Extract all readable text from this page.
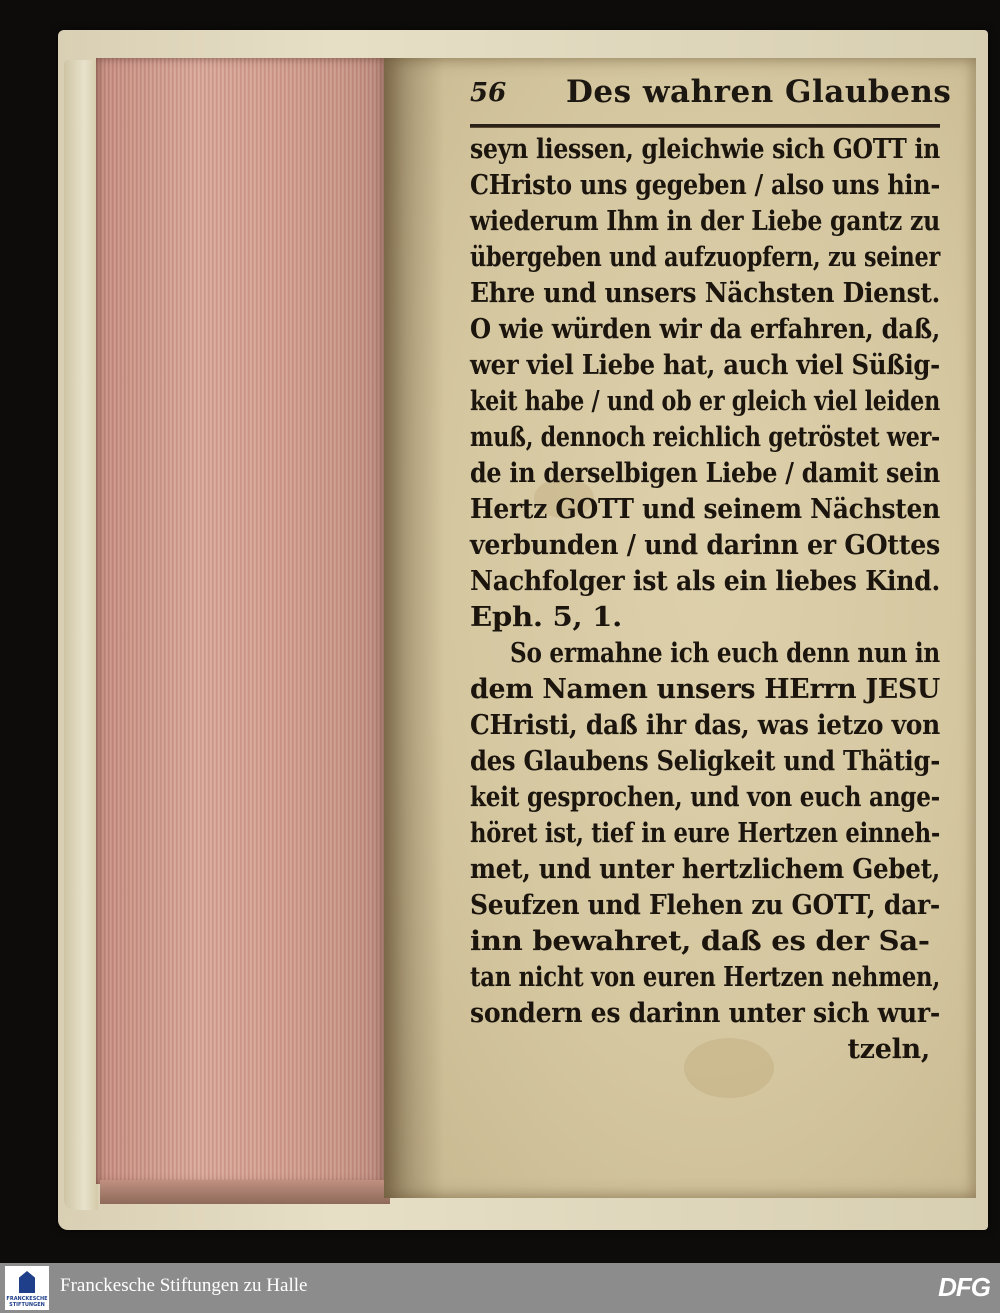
56 Des wahren Glaubens
seyn liessen, gleichwie sich GOTT in
CHristo uns gegeben / also uns hin-
wiederum Ihm in der Liebe gantz zu
übergeben und aufzuopfern, zu seiner
Ehre und unsers Nächsten Dienst.
O wie würden wir da erfahren, daß,
wer viel Liebe hat, auch viel Süßig-
keit habe / und ob er gleich viel leiden
muß, dennoch reichlich getröstet wer-
de in derselbigen Liebe / damit sein
Hertz GOTT und seinem Nächsten
verbunden / und darinn er GOttes
Nachfolger ist als ein liebes Kind.
Eph. 5, 1.
So ermahne ich euch denn nun in
dem Namen unsers HErrn JESU
CHristi, daß ihr das, was ietzo von
des Glaubens Seligkeit und Thätig-
keit gesprochen, und von euch ange-
höret ist, tief in eure Hertzen einneh-
met, und unter hertzlichem Gebet,
Seufzen und Flehen zu GOTT, dar-
inn bewahret, daß es der Sa-
tan nicht von euren Hertzen nehmen,
sondern es darinn unter sich wur-
tzeln,
FRANCKESCHE STIFTUNGEN
Franckesche Stiftungen zu Halle	DFG
